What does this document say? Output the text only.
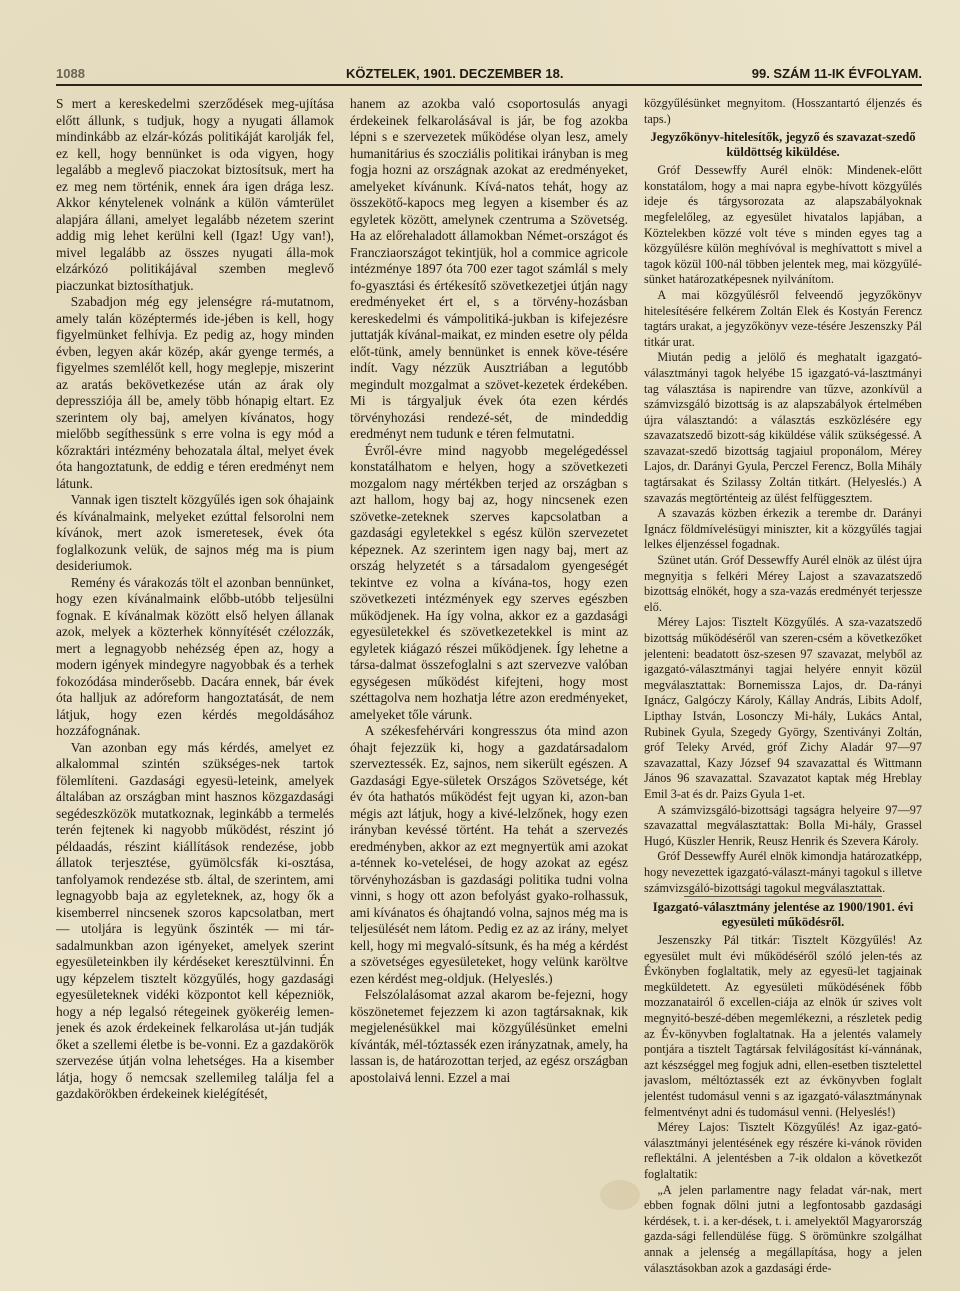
1088	KÖZTELEK, 1901. DECZEMBER 18.	99. SZÁM 11-IK ÉVFOLYAM.

S mert a kereskedelmi szerződések meg-ujítása előtt állunk, s tudjuk, hogy a nyugati államok mindinkább az elzár-kózás politikáját karolják fel, ez kell, hogy bennünket is oda vigyen, hogy legalább a meglevő piaczokat biztosítsuk, mert ha ez meg nem történik, ennek ára igen drága lesz. Akkor kénytelenek volnánk a külön vámterület alapjára állani, amelyet legalább nézetem szerint addig mig lehet kerülni kell (Igaz! Ugy van!), mivel legalább az összes nyugati álla-mok elzárkózó politikájával szemben meglevő piaczunkat biztosíthatjuk.

Szabadjon még egy jelenségre rá-mutatnom, amely talán középtermés ide-jében is kell, hogy figyelmünket felhívja. Ez pedig az, hogy minden évben, legyen akár közép, akár gyenge termés, a figyelmes szemlélőt kell, hogy meglepje, miszerint az aratás bekövetkezése után az árak oly depressziója áll be, amely több hónapig eltart. Ez szerintem oly baj, amelyen kívánatos, hogy mielőbb segíthessünk s erre volna is egy mód a kőzraktári intézmény behozatala által, melyet évek óta hangoztatunk, de eddig e téren eredményt nem látunk.

Vannak igen tisztelt közgyűlés igen sok óhajaink és kívánalmaink, melyeket ezúttal felsorolni nem kívánok, mert azok ismeretesek, évek óta foglalkozunk velük, de sajnos még ma is pium desideriumok.

Remény és várakozás tölt el azonban bennünket, hogy ezen kívánalmaink előbb-utóbb teljesülni fognak. E kívánalmak között első helyen állanak azok, melyek a közterhek könnyítését czélozzák, mert a legnagyobb nehézség épen az, hogy a modern igények mindegyre nagyobbak és a terhek fokozódása minderősebb. Dacára ennek, bár évek óta halljuk az adóreform hangoztatását, de nem látjuk, hogy ezen kérdés megoldásához hozzáfognának.

Van azonban egy más kérdés, amelyet ez alkalommal szintén szükséges-nek tartok fölemlíteni. Gazdasági egyesü-leteink, amelyek általában az országban mint hasznos közgazdasági segédeszközök mutatkoznak, leginkább a termelés terén fejtenek ki nagyobb működést, részint jó példaadás, részint kiállítások rendezése, jobb állatok terjesztése, gyümölcsfák ki-osztása, tanfolyamok rendezése stb. által, de szerintem, ami legnagyobb baja az egyleteknek, az, hogy ők a kisemberrel nincsenek szoros kapcsolatban, mert — utoljára is legyünk őszinték — mi tár-sadalmunkban azon igényeket, amelyek szerint egyesületeinkben ily kérdéseket keresztülvinni. Én ugy képzelem tisztelt közgyűlés, hogy gazdasági egyesületeknek vidéki központot kell képezniök, hogy a nép legalsó rétegeinek gyökeréig lemen-jenek és azok érdekeinek felkarolása ut-ján tudják őket a szellemi életbe is be-vonni. Ez a gazdakörök szervezése útján volna lehetséges. Ha a kisember látja, hogy ő nemcsak szellemileg találja fel a gazdakörökben érdekeinek kielégítését,

hanem az azokba való csoportosulás anyagi érdekeinek felkarolásával is jár, be fog azokba lépni s e szervezetek működése olyan lesz, amely humanitárius és szocziális politikai irányban is meg fogja hozni az országnak azokat az eredményeket, amelyeket kívánunk. Kívá-natos tehát, hogy az összekötő-kapocs meg legyen a kisember és az egyletek között, amelynek czentruma a Szövetség. Ha az előrehaladott államokban Német-országot és Francziaországot tekintjük, hol a commice agricole intézménye 1897 óta 700 ezer tagot számlál s mely fo-gyasztási és értékesítő szövetkezetjei útján nagy eredményeket ért el, s a törvény-hozásban kereskedelmi és vámpolitiká-jukban is kifejezésre juttatják kívánal-maikat, ez minden esetre oly példa előt-tünk, amely bennünket is ennek köve-tésére indít. Vagy nézzük Ausztriában a legutóbb megindult mozgalmat a szövet-kezetek érdekében. Mi is tárgyaljuk évek óta ezen kérdés törvényhozási rendezé-sét, de mindeddig eredményt nem tudunk e téren felmutatni.

Évről-évre mind nagyobb megelégedéssel konstatálhatom e helyen, hogy a szövetkezeti mozgalom nagy mértékben terjed az országban s azt hallom, hogy baj az, hogy nincsenek ezen szövetke-zeteknek szerves kapcsolatban a gazdasági egyletekkel s egész külön szervezetet képeznek. Az szerintem igen nagy baj, mert az ország helyzetét s a társadalom gyengeségét tekintve ez volna a kívána-tos, hogy ezen szövetkezeti intézmények egy szerves egészben működjenek. Ha így volna, akkor ez a gazdasági egyesületekkel és szövetkezetekkel is mint az egyletek kiágazó részei működjenek. Így lehetne a társa-dalmat összefoglalni s azt szervezve valóban egységesen működést kifejteni, hogy most széttagolva nem hozhatja létre azon eredményeket, amelyeket tőle várunk.

A székesfehérvári kongresszus óta mind azon óhajt fejezzük ki, hogy a gazdatársadalom szerveztessék. Ez, sajnos, nem sikerült egészen. A Gazdasági Egye-sületek Országos Szövetsége, két év óta hathatós működést fejt ugyan ki, azon-ban mégis azt látjuk, hogy a kivé-lelzőnek, hogy ezen irányban kevéssé történt. Ha tehát a szervezés eredményben, akkor az ezt megnyertük ami azokat a-ténnek ko-vetelései, de hogy azokat az egész törvényhozásban is gazdasági politika tudni volna vinni, s hogy ott azon befolyást gyako-rolhassuk, ami kívánatos és óhajtandó volna, sajnos még ma is teljesülését nem látom. Pedig ez az az irány, melyet kell, hogy mi megvaló-sítsunk, és ha még a kérdést a szövetséges egyesületeket, hogy velünk karöltve ezen kérdést meg-oldjuk. (Helyeslés.)

Felszólalásomat azzal akarom be-fejezni, hogy köszönetemet fejezzem ki azon tagtársaknak, kik megjelenésükkel mai közgyűlésünket emelni kívánták, mél-tóztassék ezen irányzatnak, amely, ha lassan is, de határozottan terjed, az egész országban apostolaivá lenni. Ezzel a mai

közgyűlésünket megnyitom. (Hosszantartó éljenzés és taps.)

Jegyzőkönyv-hitelesítők, jegyző és szavazat-szedő küldöttség kiküldése.

Gróf Dessewffy Aurél elnök: Mindenek-előtt konstatálom, hogy a mai napra egybe-hívott közgyűlés ideje és tárgysorozata az alapszabályoknak megfelelőleg, az egyesület hivatalos lapjában, a Köztelekben közzé volt téve s minden egyes tag a közgyűlésre külön meghívóval is meghívattott s mivel a tagok közül 100-nál többen jelentek meg, mai közgyűlé-sünket határozatképesnek nyilvánítom.

A mai közgyűlésről felveendő jegyzőkönyv hitelesítésére felkérem Zoltán Elek és Kostyán Ferencz tagtárs urakat, a jegyzőkönyv veze-tésére Jeszenszky Pál titkár urat.

Miután pedig a jelölő és meghatalt igazgató-választmányi tagok helyébe 15 igazgató-vá-lasztmányi tag választása is napirendre van tűzve, azonkívül a számvizsgáló bizottság is az alapszabályok értelmében újra választandó: a választás eszközlésére egy szavazatszedő bizott-ság kiküldése válik szükségessé. A szavazat-szedő bizottság tagjaiul proponálom, Mérey Lajos, dr. Darányi Gyula, Perczel Ferencz, Bolla Mihály tagtársakat és Szilassy Zoltán titkárt. (Helyeslés.) A szavazás megtörténteig az ülést felfüggesztem.

A szavazás közben érkezik a terembe dr. Darányi Ignácz földmívelésügyi miniszter, kit a közgyűlés tagjai lelkes éljenzéssel fogadnak.

Szünet után. Gróf Dessewffy Aurél elnök az ülést újra megnyitja s felkéri Mérey Lajost a szavazatszedő bizottság elnökét, hogy a sza-vazás eredményét terjessze elő.

Mérey Lajos: Tisztelt Közgyűlés. A sza-vazatszedő bizottság működéséről van szeren-csém a következőket jelenteni: beadatott ösz-szesen 97 szavazat, melyből az igazgató-választmányi tagjai helyére ennyit közül megválasztattak: Bornemissza Lajos, dr. Da-rányi Ignácz, Galgóczy Károly, Kállay András, Libits Adolf, Lipthay István, Losonczy Mi-hály, Lukács Antal, Rubinek Gyula, Szegedy György, Szentiványi Zoltán, gróf Teleky Arvéd, gróf Zichy Aladár 97—97 szavazattal, Kazy József 94 szavazattal és Wittmann János 96 szavazattal. Szavazatot kaptak még Hreblay Emil 3-at és dr. Paizs Gyula 1-et.

A számvizsgáló-bizottsági tagságra helyeire 97—97 szavazattal megválasztattak: Bolla Mi-hály, Grassel Hugó, Küszler Henrik, Reusz Henrik és Szevera Károly.

Gróf Dessewffy Aurél elnök kimondja határozatképp, hogy nevezettek igazgató-választ-mányi tagokul s illetve számvizsgáló-bizottsági tagokul megválasztattak.

Igazgató-választmány jelentése az 1900/1901. évi egyesületi működésről.

Jeszenszky Pál titkár: Tisztelt Közgyűlés! Az egyesület mult évi működéséről szóló jelen-tés az Évkönyben foglaltatik, mely az egyesü-let tagjainak megküldetett. Az egyesületi működésének főbb mozzanatairól ő excellen-ciája az elnök úr szives volt megnyitó-beszé-dében megemlékezni, a részletek pedig az Év-könyvben foglaltatnak. Ha a jelentés valamely pontjára a tisztelt Tagtársak felvilágosítást kí-vánnának, azt készséggel meg fogjuk adni, ellen-esetben tisztelettel javaslom, méltóztassék ezt az évkönyvben foglalt jelentést tudomásul venni s az igazgató-választmánynak felmentvényt adni és tudomásul venni. (Helyeslés!)

Mérey Lajos: Tisztelt Közgyűlés! Az igaz-gató-választmányi jelentésének egy részére ki-vánok röviden reflektálni. A jelentésben a 7-ik oldalon a következőt foglaltatik:

„A jelen parlamentre nagy feladat vár-nak, mert ebben fognak dőlni jutni a legfontosabb gazdasági kérdések, t. i. a ker-dések, t. i. amelyektől Magyarország gazda-sági fellendülése függ. S örömünkre szolgálhat annak a jelenség a megállapítása, hogy a jelen választásokban azok a gazdasági érde-
